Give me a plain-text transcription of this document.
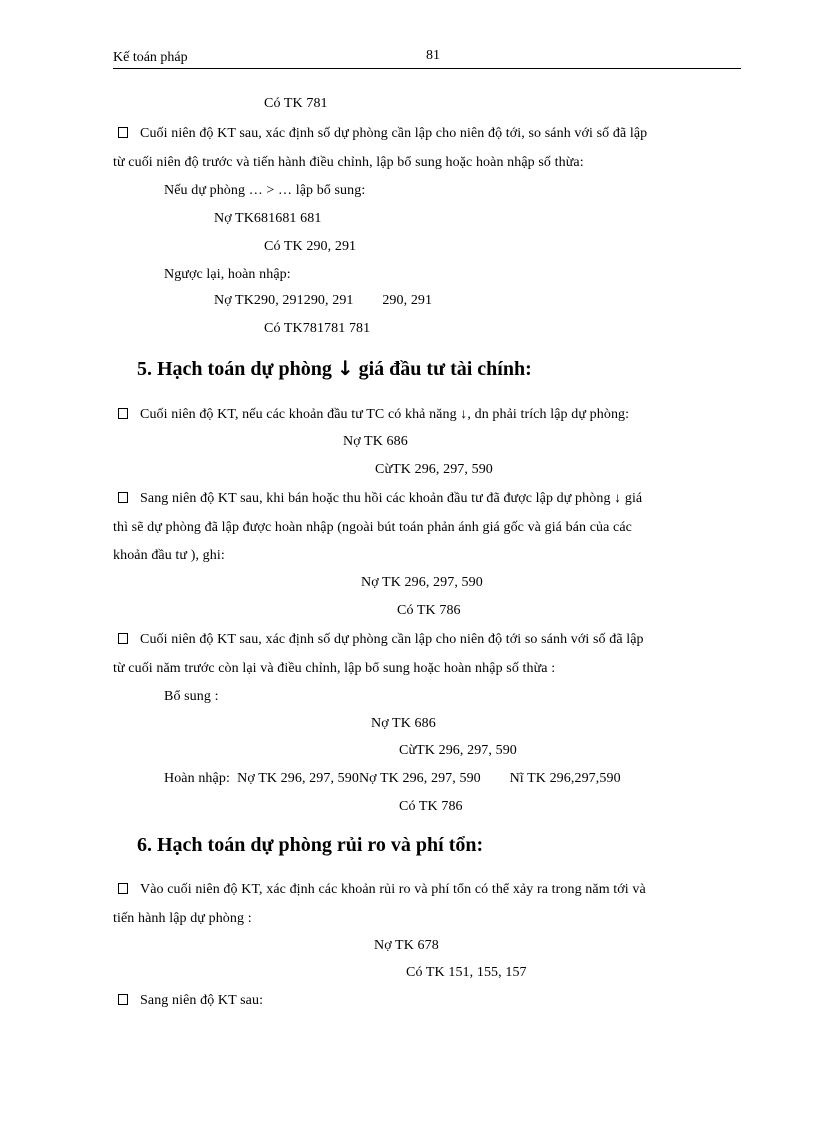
Kế toán pháp	81
Có TK 781
Cuối niên độ KT sau, xác định số dự phòng cần lập cho niên độ tới, so sánh với số đã lập
từ cuối niên độ trước và tiến hành điều chỉnh, lập bổ sung hoặc hoàn nhập số thừa:
Nếu dự phòng … > … lập bổ sung:
Nợ TK681681 681
Có TK 290, 291
Ngược lại, hoàn nhập:
Nợ TK290, 291290, 291        290, 291
Có TK781781 781
5. Hạch toán dự phòng ↓ giá đầu tư tài chính:
Cuối niên độ KT, nếu các khoản đầu tư TC có khả năng ↓, dn phải trích lập dự phòng:
Nợ TK 686
CừTK 296, 297, 590
Sang niên độ KT sau, khi bán hoặc thu hồi các khoản đầu tư đã được lập dự phòng ↓ giá
thì sẽ dự phòng đã lập được hoàn nhập (ngoài bút toán phản ánh giá gốc và giá bán của các
khoản đầu tư ), ghi:
Nợ TK 296, 297, 590
Có TK 786
Cuối niên độ KT sau, xác định số dự phòng cần lập cho niên độ tới so sánh với số đã lập
từ cuối năm trước còn lại và điều chỉnh, lập bổ sung hoặc hoàn nhập số thừa :
Bổ sung :
Nợ TK 686
CừTK 296, 297, 590
Hoàn nhập:  Nợ TK 296, 297, 590Nợ TK 296, 297, 590        Nĩ TK 296,297,590
Có TK 786
6. Hạch toán dự phòng rủi ro và phí tổn:
Vào cuối niên độ KT, xác định các khoản rủi ro và phí tổn có thể xảy ra trong năm tới và
tiến hành lập dự phòng :
Nợ TK 678
Có TK 151, 155, 157
Sang niên độ KT sau:
